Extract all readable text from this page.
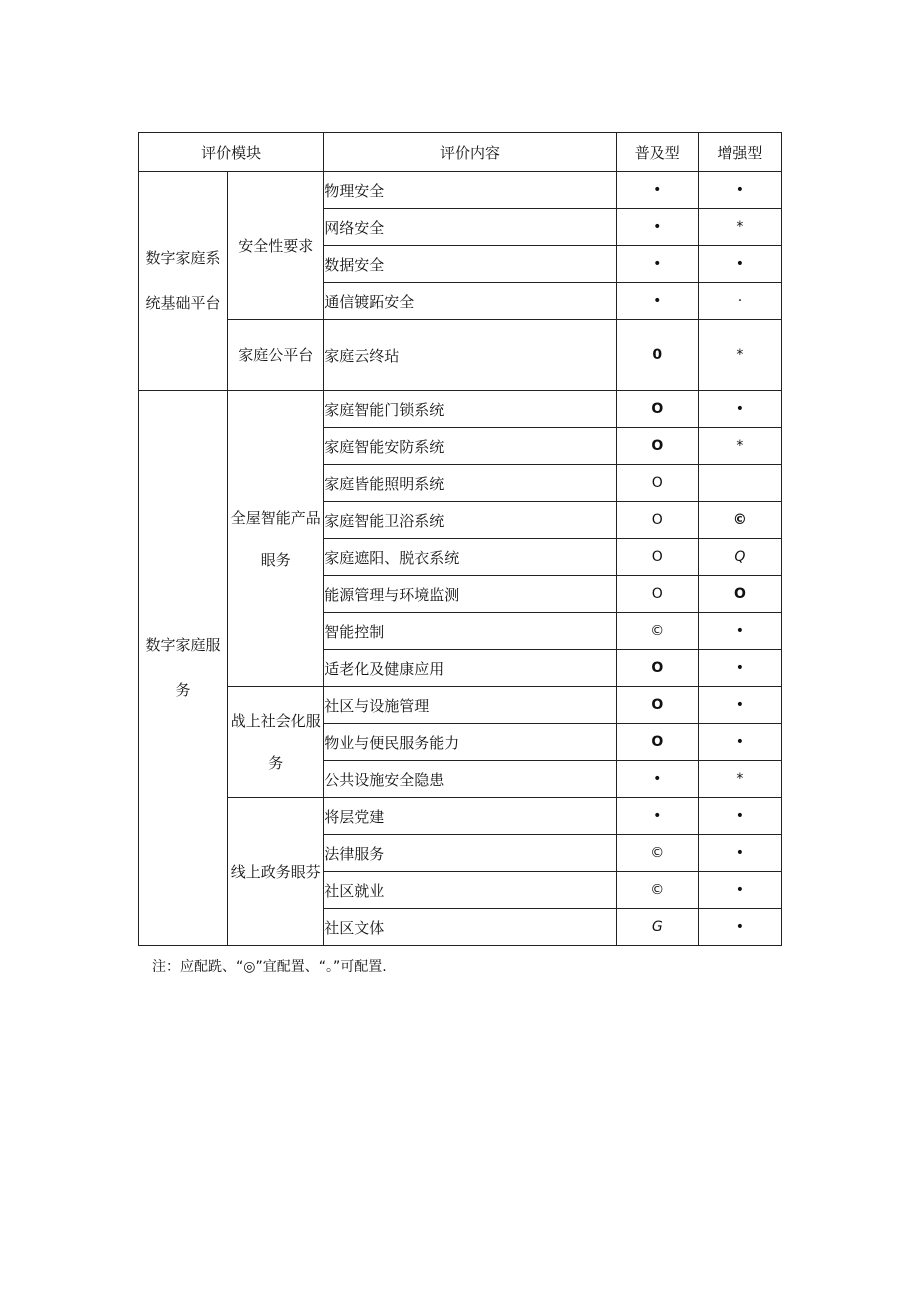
评价模块		评价内容	普及型	增强型
数字家庭系统基础平台	安全性要求	物理安全	•	•
		网络安全	•	*
		数据安全	•	•
		通信镀跖安全	•	·
	家庭公平台	家庭云终玷	0	*
数字家庭服务	全屋智能产品眼务	家庭智能门锁系统	O	•
		家庭智能安防系统	O	*
		家庭皆能照明系统	O	
		家庭智能卫浴系统	O	©
		家庭遮阳、脱衣系统	O	Q
		能源管理与环境监测	O	O
		智能控制	©	•
		适老化及健康应用	O	•
	战上社会化服务	社区与设施管理	O	•
		物业与便民服务能力	O	•
		公共设施安全隐患	•	*
	线上政务眼芬	将层党建	•	•
		法律服务	©	•
		社区就业	©	•
		社区文体	G	•
注：应配跣、“◎”宜配置、“。”可配置.
